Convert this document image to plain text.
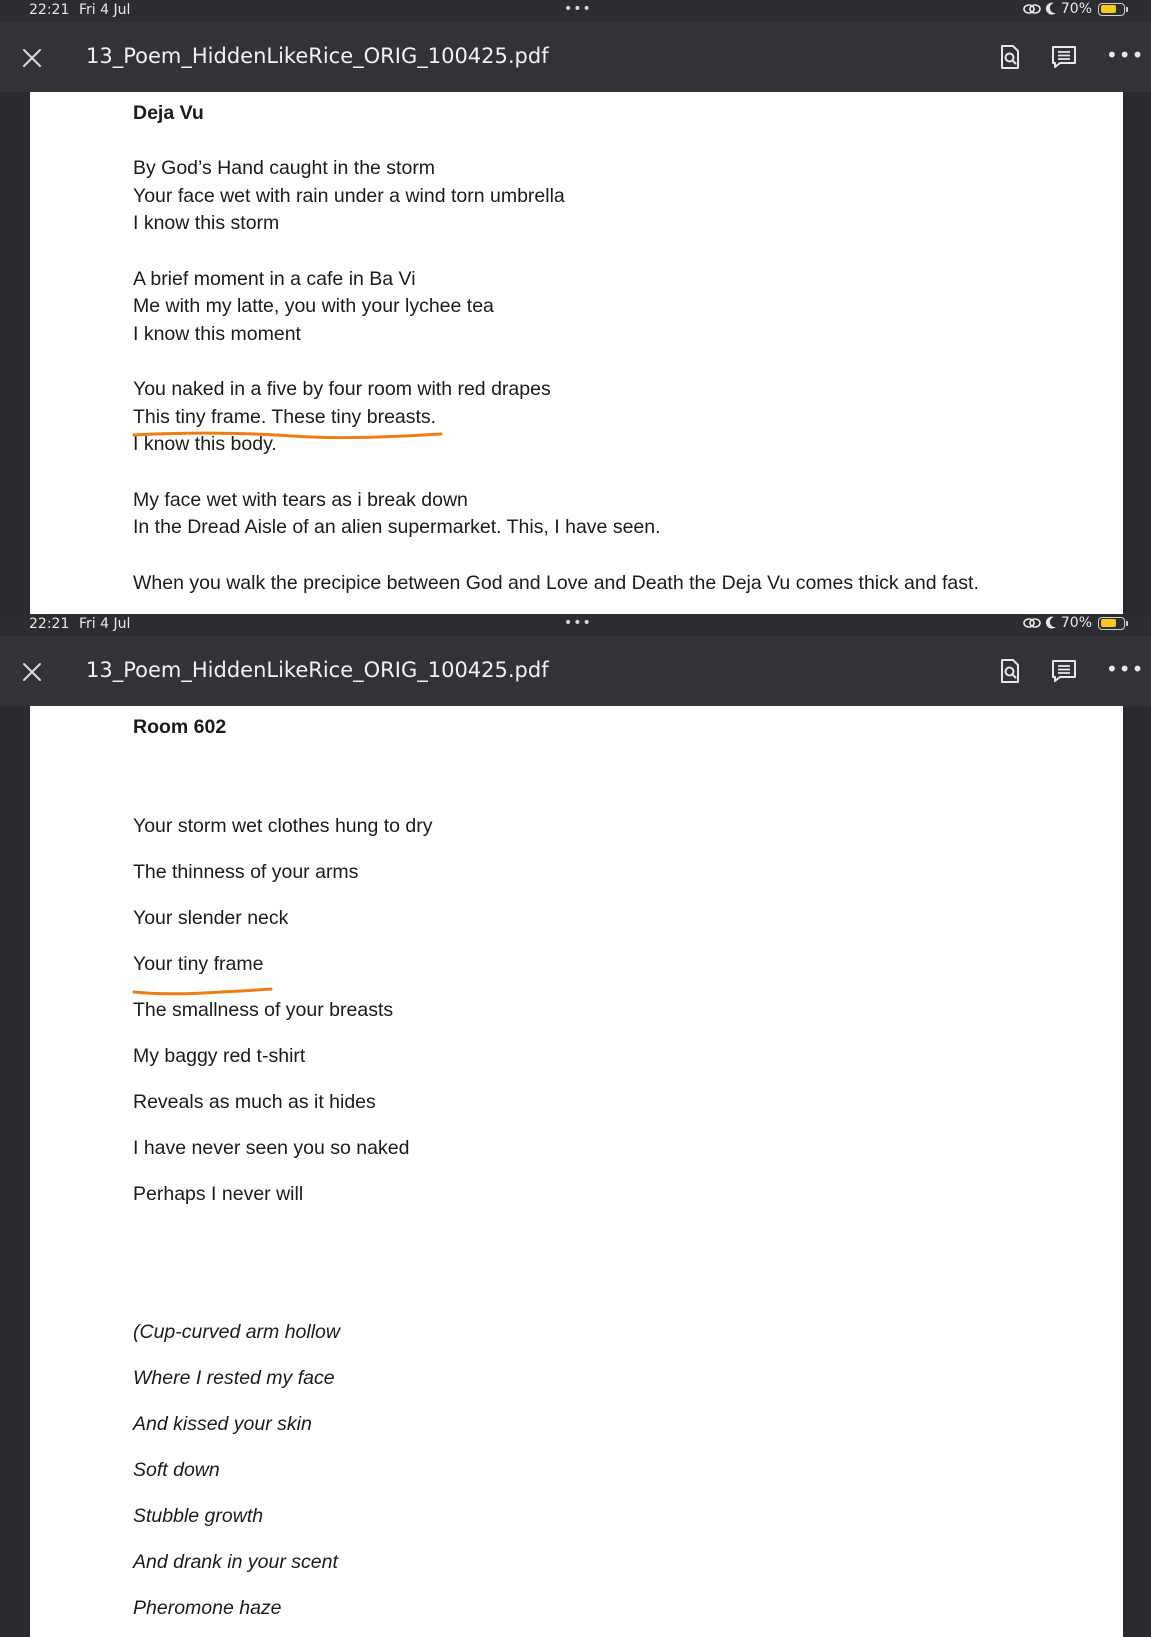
22:21 Fri 4 Jul	•••	70%
13_Poem_HiddenLikeRice_ORIG_100425.pdf	•••
Deja Vu
By God’s Hand caught in the storm
Your face wet with rain under a wind torn umbrella
I know this storm
A brief moment in a cafe in Ba Vi
Me with my latte, you with your lychee tea
I know this moment
You naked in a five by four room with red drapes
This tiny frame. These tiny breasts.
I know this body.
My face wet with tears as i break down
In the Dread Aisle of an alien supermarket. This, I have seen.
When you walk the precipice between God and Love and Death the Deja Vu comes thick and fast.
22:21 Fri 4 Jul	•••	70%
13_Poem_HiddenLikeRice_ORIG_100425.pdf	•••
Room 602
Your storm wet clothes hung to dry
The thinness of your arms
Your slender neck
Your tiny frame
The smallness of your breasts
My baggy red t-shirt
Reveals as much as it hides
I have never seen you so naked
Perhaps I never will
(Cup-curved arm hollow
Where I rested my face
And kissed your skin
Soft down
Stubble growth
And drank in your scent
Pheromone haze
